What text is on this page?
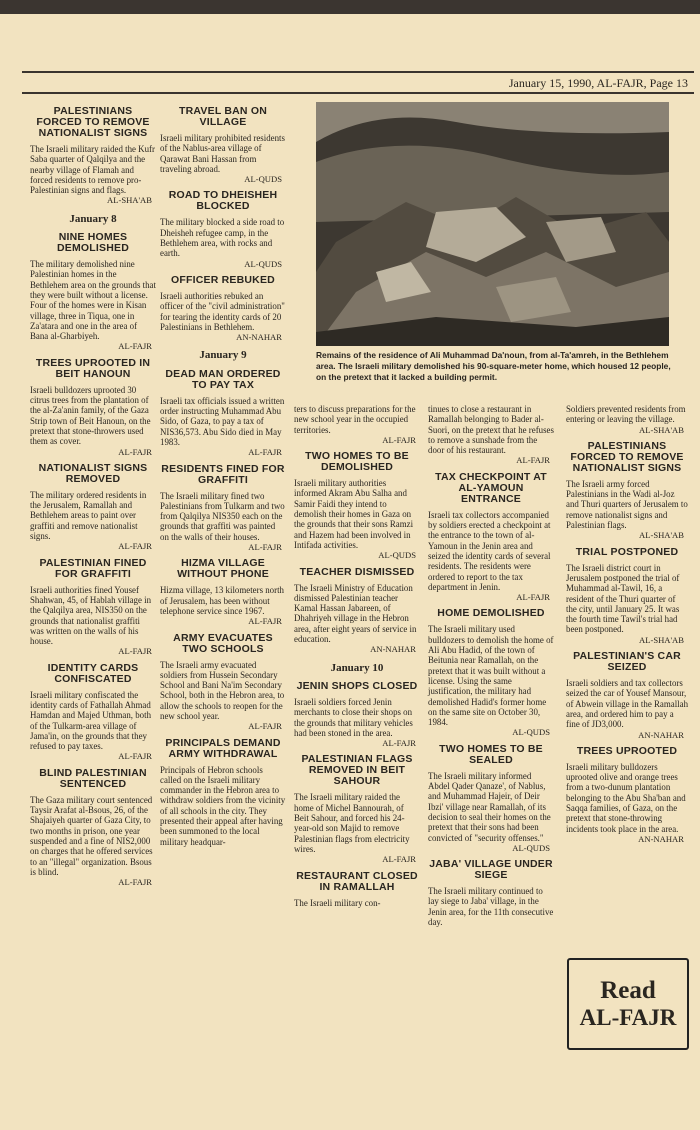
January 15, 1990, AL-FAJR, Page 13
PALESTINIANS FORCED TO REMOVE NATIONALIST SIGNS
The Israeli military raided the Kufr Saba quarter of Qalqilya and the nearby village of Flamah and forced residents to remove pro-Palestinian signs and flags.
AL-SHA'AB
January 8
NINE HOMES DEMOLISHED
The military demolished nine Palestinian homes in the Bethlehem area on the grounds that they were built without a license. Four of the homes were in Kisan village, three in Tiqua, one in Za'atara and one in the area of Bana al-Gharbiyeh.
AL-FAJR
TREES UPROOTED IN BEIT HANOUN
Israeli bulldozers uprooted 30 citrus trees from the plantation of the al-Za'anin family, of the Gaza Strip town of Beit Hanoun, on the pretext that stone-throwers used them as cover.
AL-FAJR
NATIONALIST SIGNS REMOVED
The military ordered residents in the Jerusalem, Ramallah and Bethlehem areas to paint over graffiti and remove nationalist signs.
AL-FAJR
PALESTINIAN FINED FOR GRAFFITI
Israeli authorities fined Yousef Shahwan, 45, of Hablah village in the Qalqilya area, NIS350 on the grounds that nationalist graffiti was written on the walls of his house.
AL-FAJR
IDENTITY CARDS CONFISCATED
Israeli military confiscated the identity cards of Fathallah Ahmad Hamdan and Majed Uthman, both of the Tulkarm-area village of Jama'in, on the grounds that they refused to pay taxes.
AL-FAJR
BLIND PALESTINIAN SENTENCED
The Gaza military court sentenced Taysir Arafat al-Bsous, 26, of the Shajaiyeh quarter of Gaza City, to two months in prison, one year suspended and a fine of NIS2,000 on charges that he offered services to an "illegal" organization. Bsous is blind.
AL-FAJR
TRAVEL BAN ON VILLAGE
Israeli military prohibited residents of the Nablus-area village of Qarawat Bani Hassan from traveling abroad.
AL-QUDS
ROAD TO DHEISHEH BLOCKED
The military blocked a side road to Dheisheh refugee camp, in the Bethlehem area, with rocks and earth.
AL-QUDS
OFFICER REBUKED
Israeli authorities rebuked an officer of the "civil administration" for tearing the identity cards of 20 Palestinians in Bethlehem.
AN-NAHAR
January 9
DEAD MAN ORDERED TO PAY TAX
Israeli tax officials issued a written order instructing Muhammad Abu Sido, of Gaza, to pay a tax of NIS36,573. Abu Sido died in May 1983.
AL-FAJR
RESIDENTS FINED FOR GRAFFITI
The Israeli military fined two Palestinians from Tulkarm and two from Qalqilya NIS350 each on the grounds that graffiti was painted on the walls of their houses.
AL-FAJR
HIZMA VILLAGE WITHOUT PHONE
Hizma village, 13 kilometers north of Jerusalem, has been without telephone service since 1967.
AL-FAJR
ARMY EVACUATES TWO SCHOOLS
The Israeli army evacuated soldiers from Hussein Secondary School and Bani Na'im Secondary School, both in the Hebron area, to allow the schools to reopen for the new school year.
AL-FAJR
PRINCIPALS DEMAND ARMY WITHDRAWAL
Principals of Hebron schools called on the Israeli military commander in the Hebron area to withdraw soldiers from the vicinity of all schools in the city. They presented their appeal after having been summoned to the local military headquar-
ters to discuss preparations for the new school year in the occupied territories.
AL-FAJR
TWO HOMES TO BE DEMOLISHED
Israeli military authorities informed Akram Abu Salha and Samir Faidi they intend to demolish their homes in Gaza on the grounds that their sons Ramzi and Hazem had been involved in Intifada activities.
AL-QUDS
TEACHER DISMISSED
The Israeli Ministry of Education dismissed Palestinian teacher Kamal Hassan Jabareen, of Dhahriyeh village in the Hebron area, after eight years of service in education.
AN-NAHAR
January 10
JENIN SHOPS CLOSED
Israeli soldiers forced Jenin merchants to close their shops on the grounds that military vehicles had been stoned in the area.
AL-FAJR
PALESTINIAN FLAGS REMOVED IN BEIT SAHOUR
The Israeli military raided the home of Michel Bannourah, of Beit Sahour, and forced his 24-year-old son Majid to remove Palestinian flags from electricity wires.
AL-FAJR
RESTAURANT CLOSED IN RAMALLAH
The Israeli military con-
tinues to close a restaurant in Ramallah belonging to Bader al-Suori, on the pretext that he refuses to remove a sunshade from the door of his restaurant.
AL-FAJR
TAX CHECKPOINT AT AL-YAMOUN ENTRANCE
Israeli tax collectors accompanied by soldiers erected a checkpoint at the entrance to the town of al-Yamoun in the Jenin area and seized the identity cards of several residents. The residents were ordered to report to the tax department in Jenin.
AL-FAJR
HOME DEMOLISHED
The Israeli military used bulldozers to demolish the home of Ali Abu Hadid, of the town of Beitunia near Ramallah, on the pretext that it was built without a license. Using the same justification, the military had demolished Hadid's former home on the same site on October 30, 1984.
AL-QUDS
TWO HOMES TO BE SEALED
The Israeli military informed Abdel Qader Qanaze', of Nablus, and Muhammad Hajeir, of Deir Ibzi' village near Ramallah, of its decision to seal their homes on the pretext that their sons had been convicted of "security offenses."
AL-QUDS
JABA' VILLAGE UNDER SIEGE
The Israeli military continued to lay siege to Jaba' village, in the Jenin area, for the 11th consecutive day.
Soldiers prevented residents from entering or leaving the village.
AL-SHA'AB
PALESTINIANS FORCED TO REMOVE NATIONALIST SIGNS
The Israeli army forced Palestinians in the Wadi al-Joz and Thuri quarters of Jerusalem to remove nationalist signs and Palestinian flags.
AL-SHA'AB
TRIAL POSTPONED
The Israeli district court in Jerusalem postponed the trial of Muhammad al-Tawil, 16, a resident of the Thuri quarter of the city, until January 25. It was the fourth time Tawil's trial had been postponed.
AL-SHA'AB
PALESTINIAN'S CAR SEIZED
Israeli soldiers and tax collectors seized the car of Yousef Mansour, of Abwein village in the Ramallah area, and ordered him to pay a fine of JD3,000.
AN-NAHAR
TREES UPROOTED
Israeli military bulldozers uprooted olive and orange trees from a two-dunum plantation belonging to the Abu Sha'ban and Saqqa families, of Gaza, on the pretext that stone-throwing incidents took place in the area.
AN-NAHAR
Remains of the residence of Ali Muhammad Da'noun, from al-Ta'amreh, in the Bethlehem area. The Israeli military demolished his 90-square-meter home, which housed 12 people, on the pretext that it lacked a building permit.
Read
AL-FAJR
